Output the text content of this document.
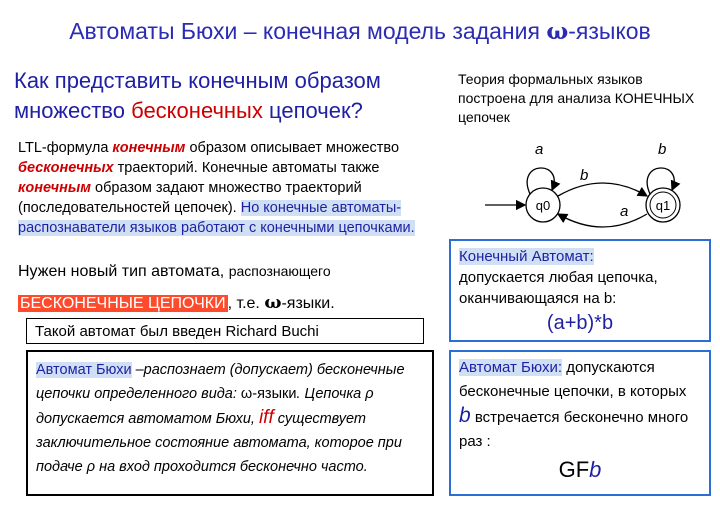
Автоматы Бюхи – конечная модель задания ω-языков
Как представить конечным образом множество бесконечных цепочек?
Теория формальных языков построена для анализа КОНЕЧНЫХ цепочек
q0	q1
a	b
b
a
LTL-формула конечным образом описывает множество бесконечных траекторий. Конечные автоматы также конечным образом задают множество траекторий (последовательностей цепочек). Но конечные автоматы-распознаватели языков работают с конечными цепочками.
Нужен новый тип автомата, распознающего
БЕСКОНЕЧНЫЕ ЦЕПОЧКИ , т.е. ω-языки.
Такой автомат был введен Richard Buchi
Автомат Бюхи –распознает (допускает) бесконечные цепочки определенного вида: ω-языки. Цепочка ρ допускается автоматом Бюхи, iff существует заключительное состояние автомата, которое при подаче ρ на вход проходится бесконечно часто.
Конечный Автомат:
допускается любая цепочка, оканчивающаяся на b:
(a+b)*b
Автомат Бюхи: допускаются бесконечные цепочки, в которых b встречается бесконечно много раз :
GFb
